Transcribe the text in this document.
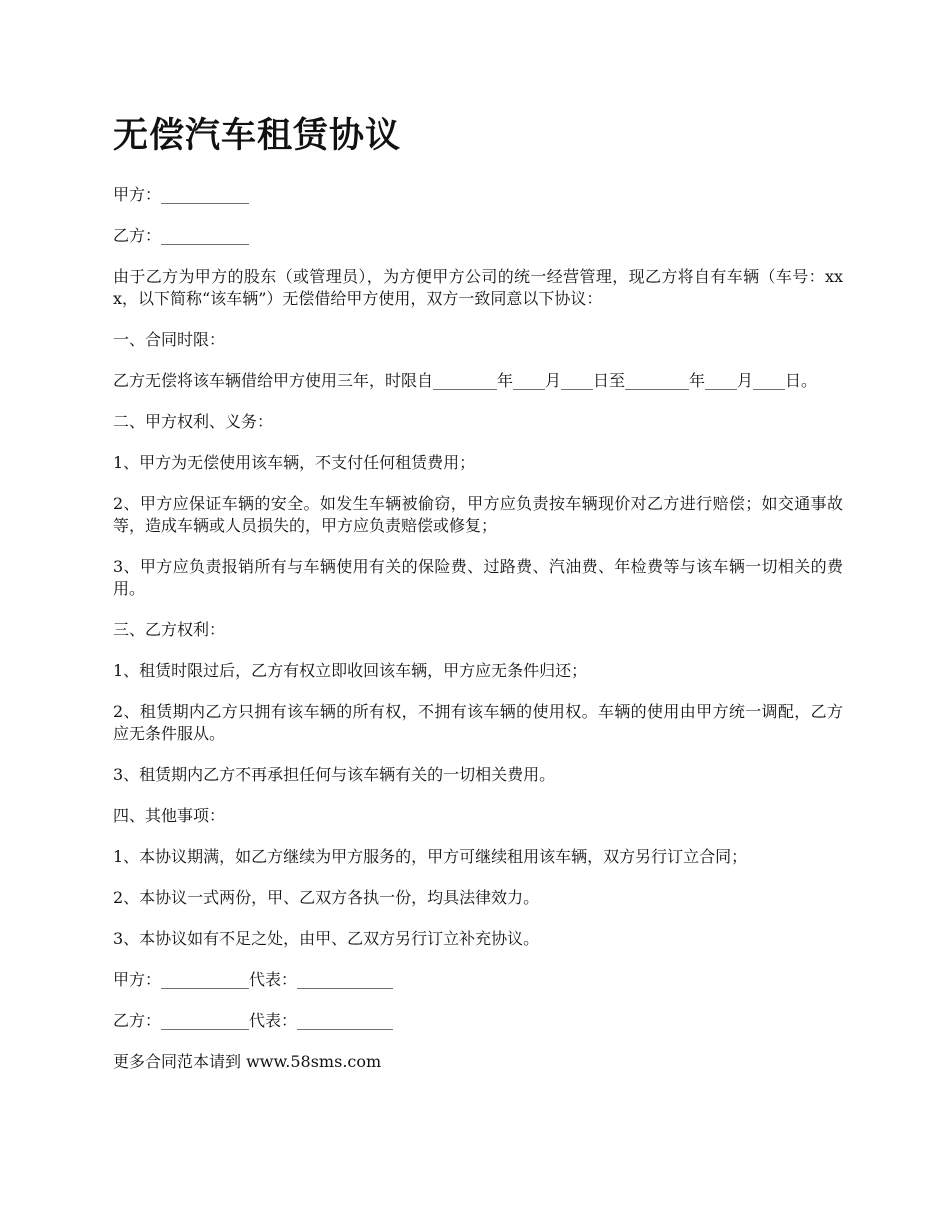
无偿汽车租赁协议

甲方：___________

乙方：___________

由于乙方为甲方的股东（或管理员），为方便甲方公司的统一经营管理，现乙方将自有车辆（车号：xxx，以下简称“该车辆”）无偿借给甲方使用，双方一致同意以下协议：

一、合同时限：

乙方无偿将该车辆借给甲方使用三年，时限自________年____月____日至________年____月____日。

二、甲方权利、义务：

1、甲方为无偿使用该车辆，不支付任何租赁费用；

2、甲方应保证车辆的安全。如发生车辆被偷窃，甲方应负责按车辆现价对乙方进行赔偿；如交通事故等，造成车辆或人员损失的，甲方应负责赔偿或修复；

3、甲方应负责报销所有与车辆使用有关的保险费、过路费、汽油费、年检费等与该车辆一切相关的费用。

三、乙方权利：

1、租赁时限过后，乙方有权立即收回该车辆，甲方应无条件归还；

2、租赁期内乙方只拥有该车辆的所有权，不拥有该车辆的使用权。车辆的使用由甲方统一调配，乙方应无条件服从。

3、租赁期内乙方不再承担任何与该车辆有关的一切相关费用。

四、其他事项：

1、本协议期满，如乙方继续为甲方服务的，甲方可继续租用该车辆，双方另行订立合同；

2、本协议一式两份，甲、乙双方各执一份，均具法律效力。

3、本协议如有不足之处，由甲、乙双方另行订立补充协议。

甲方：___________代表：____________

乙方：___________代表：____________

更多合同范本请到 www.58sms.com
